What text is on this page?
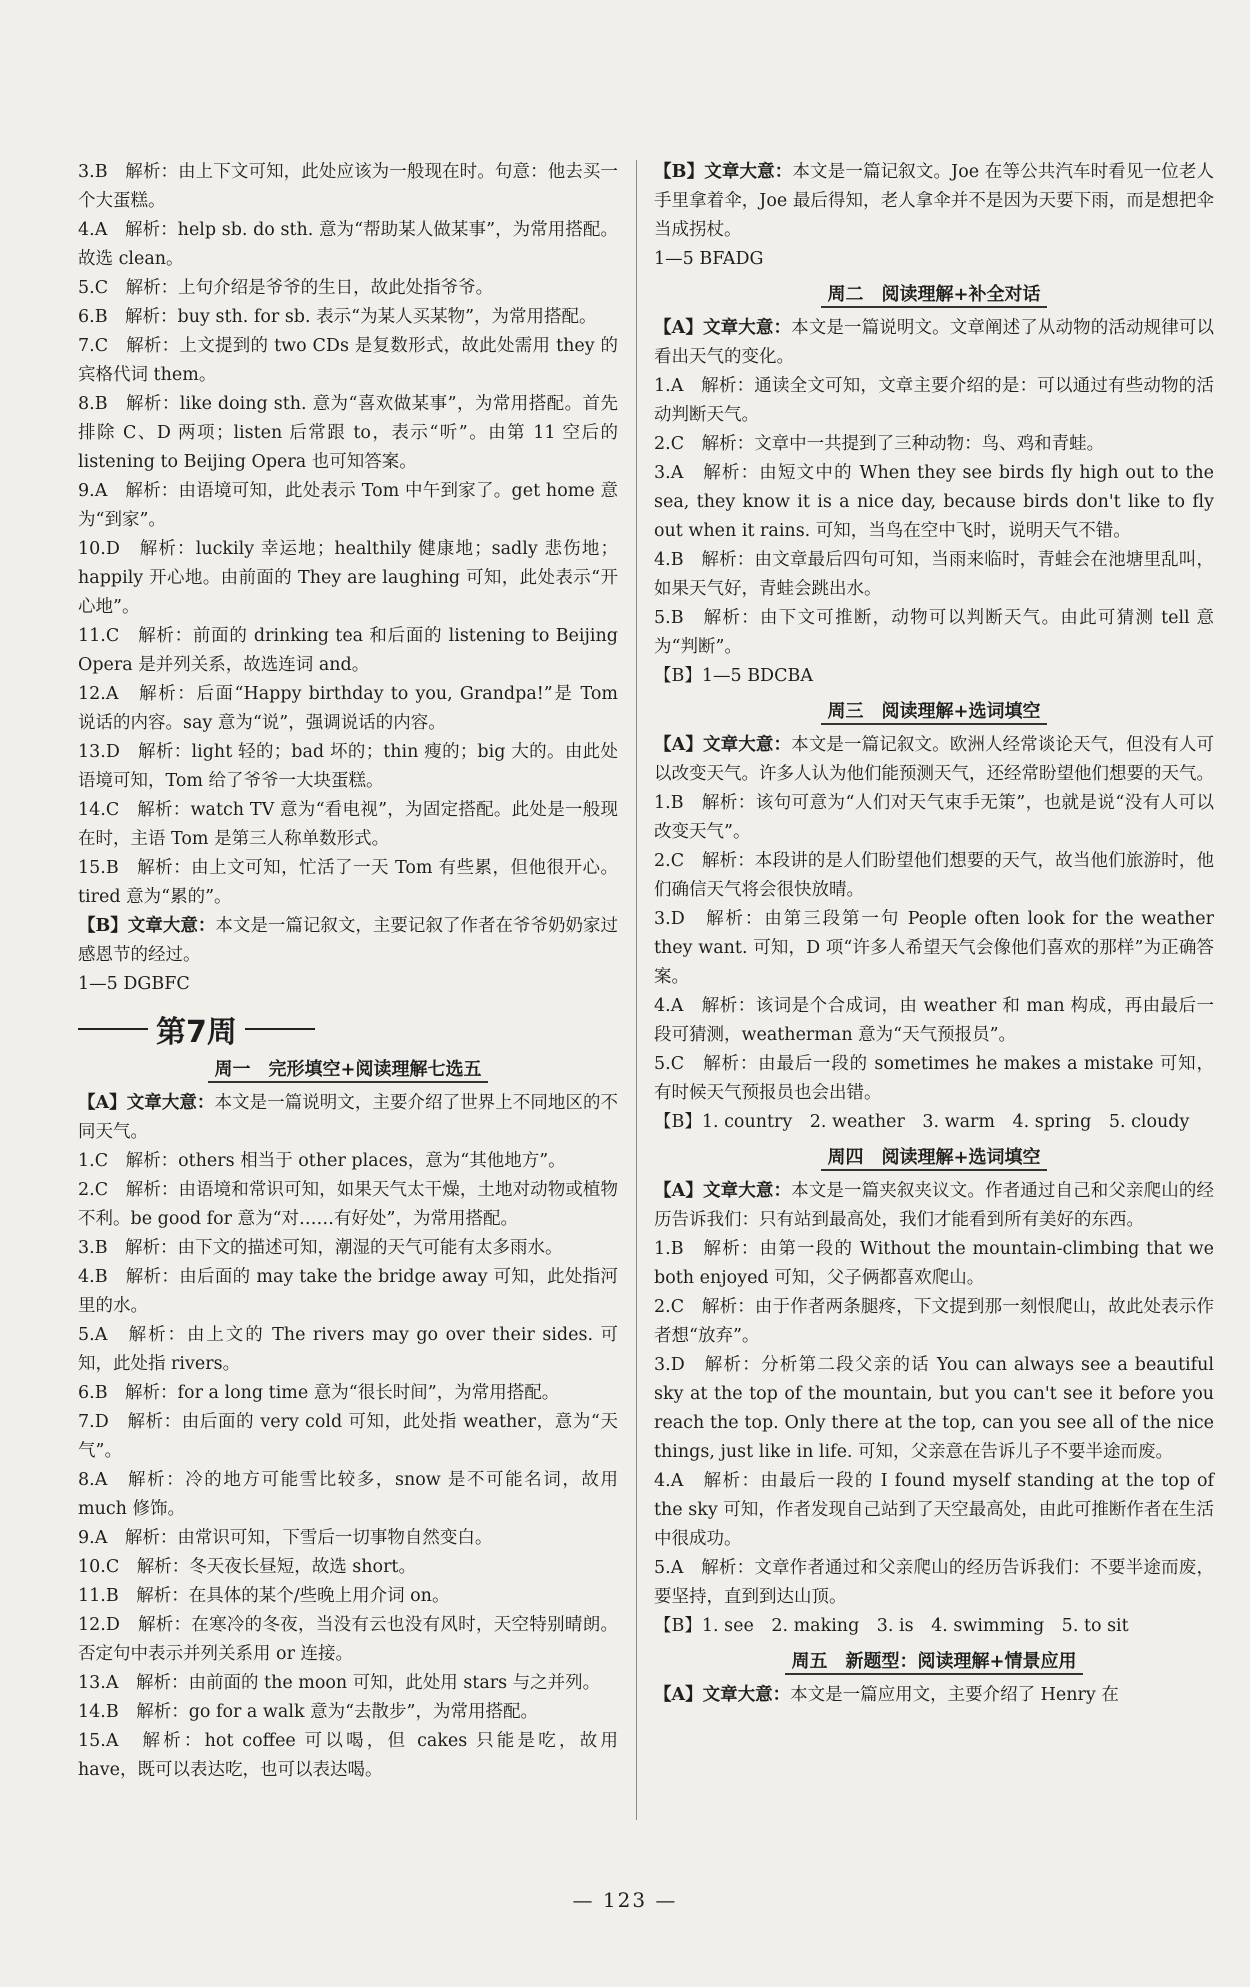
3.B　解析：由上下文可知，此处应该为一般现在时。句意：他去买一个大蛋糕。

4.A　解析：help sb. do sth. 意为“帮助某人做某事”，为常用搭配。故选 clean。

5.C　解析：上句介绍是爷爷的生日，故此处指爷爷。

6.B　解析：buy sth. for sb. 表示“为某人买某物”，为常用搭配。

7.C　解析：上文提到的 two CDs 是复数形式，故此处需用 they 的宾格代词 them。

8.B　解析：like doing sth. 意为“喜欢做某事”，为常用搭配。首先排除 C、D 两项；listen 后常跟 to，表示“听”。由第 11 空后的 listening to Beijing Opera 也可知答案。

9.A　解析：由语境可知，此处表示 Tom 中午到家了。get home 意为“到家”。

10.D　解析：luckily 幸运地；healthily 健康地；sadly 悲伤地；happily 开心地。由前面的 They are laughing 可知，此处表示“开心地”。

11.C　解析：前面的 drinking tea 和后面的 listening to Beijing Opera 是并列关系，故选连词 and。

12.A　解析：后面“Happy birthday to you, Grandpa!”是 Tom 说话的内容。say 意为“说”，强调说话的内容。

13.D　解析：light 轻的；bad 坏的；thin 瘦的；big 大的。由此处语境可知，Tom 给了爷爷一大块蛋糕。

14.C　解析：watch TV 意为“看电视”，为固定搭配。此处是一般现在时，主语 Tom 是第三人称单数形式。

15.B　解析：由上文可知，忙活了一天 Tom 有些累，但他很开心。tired 意为“累的”。

【B】文章大意：本文是一篇记叙文，主要记叙了作者在爷爷奶奶家过感恩节的经过。

1—5 DGBFC

第7周
周一　完形填空+阅读理解七选五

【A】文章大意：本文是一篇说明文，主要介绍了世界上不同地区的不同天气。

1.C　解析：others 相当于 other places，意为“其他地方”。

2.C　解析：由语境和常识可知，如果天气太干燥，土地对动物或植物不利。be good for 意为“对……有好处”，为常用搭配。

3.B　解析：由下文的描述可知，潮湿的天气可能有太多雨水。

4.B　解析：由后面的 may take the bridge away 可知，此处指河里的水。

5.A　解析：由上文的 The rivers may go over their sides. 可知，此处指 rivers。

6.B　解析：for a long time 意为“很长时间”，为常用搭配。

7.D　解析：由后面的 very cold 可知，此处指 weather，意为“天气”。

8.A　解析：冷的地方可能雪比较多，snow 是不可能名词，故用 much 修饰。

9.A　解析：由常识可知，下雪后一切事物自然变白。

10.C　解析：冬天夜长昼短，故选 short。

11.B　解析：在具体的某个/些晚上用介词 on。

12.D　解析：在寒冷的冬夜，当没有云也没有风时，天空特别晴朗。否定句中表示并列关系用 or 连接。

13.A　解析：由前面的 the moon 可知，此处用 stars 与之并列。

14.B　解析：go for a walk 意为“去散步”，为常用搭配。

15.A　解析：hot coffee 可以喝，但 cakes 只能是吃，故用 have，既可以表达吃，也可以表达喝。

【B】文章大意：本文是一篇记叙文。Joe 在等公共汽车时看见一位老人手里拿着伞，Joe 最后得知，老人拿伞并不是因为天要下雨，而是想把伞当成拐杖。

1—5 BFADG

周二　阅读理解+补全对话

【A】文章大意：本文是一篇说明文。文章阐述了从动物的活动规律可以看出天气的变化。

1.A　解析：通读全文可知，文章主要介绍的是：可以通过有些动物的活动判断天气。

2.C　解析：文章中一共提到了三种动物：鸟、鸡和青蛙。

3.A　解析：由短文中的 When they see birds fly high out to the sea, they know it is a nice day, because birds don't like to fly out when it rains. 可知，当鸟在空中飞时，说明天气不错。

4.B　解析：由文章最后四句可知，当雨来临时，青蛙会在池塘里乱叫，如果天气好，青蛙会跳出水。

5.B　解析：由下文可推断，动物可以判断天气。由此可猜测 tell 意为“判断”。

【B】1—5 BDCBA

周三　阅读理解+选词填空

【A】文章大意：本文是一篇记叙文。欧洲人经常谈论天气，但没有人可以改变天气。许多人认为他们能预测天气，还经常盼望他们想要的天气。

1.B　解析：该句可意为“人们对天气束手无策”，也就是说“没有人可以改变天气”。

2.C　解析：本段讲的是人们盼望他们想要的天气，故当他们旅游时，他们确信天气将会很快放晴。

3.D　解析：由第三段第一句 People often look for the weather they want. 可知，D 项“许多人希望天气会像他们喜欢的那样”为正确答案。

4.A　解析：该词是个合成词，由 weather 和 man 构成，再由最后一段可猜测，weatherman 意为“天气预报员”。

5.C　解析：由最后一段的 sometimes he makes a mistake 可知，有时候天气预报员也会出错。

【B】1. country　2. weather　3. warm　4. spring　5. cloudy

周四　阅读理解+选词填空

【A】文章大意：本文是一篇夹叙夹议文。作者通过自己和父亲爬山的经历告诉我们：只有站到最高处，我们才能看到所有美好的东西。

1.B　解析：由第一段的 Without the mountain-climbing that we both enjoyed 可知，父子俩都喜欢爬山。

2.C　解析：由于作者两条腿疼，下文提到那一刻恨爬山，故此处表示作者想“放弃”。

3.D　解析：分析第二段父亲的话 You can always see a beautiful sky at the top of the mountain, but you can't see it before you reach the top. Only there at the top, can you see all of the nice things, just like in life. 可知，父亲意在告诉儿子不要半途而废。

4.A　解析：由最后一段的 I found myself standing at the top of the sky 可知，作者发现自己站到了天空最高处，由此可推断作者在生活中很成功。

5.A　解析：文章作者通过和父亲爬山的经历告诉我们：不要半途而废，要坚持，直到到达山顶。

【B】1. see　2. making　3. is　4. swimming　5. to sit

周五　新题型：阅读理解+情景应用

【A】文章大意：本文是一篇应用文，主要介绍了 Henry 在

— 123 —
